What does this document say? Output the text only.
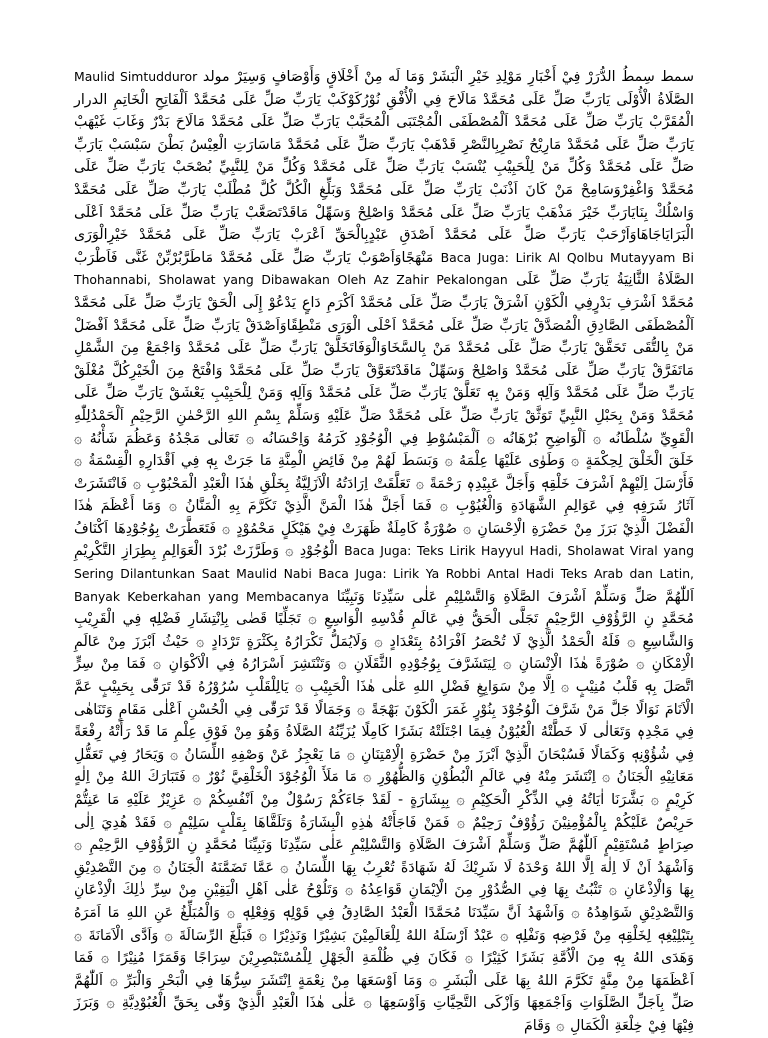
Maulid Simtudduror سِمطُ الدُّرَرْ فِيْ أَخْبَارِ مَوْلِدِ خَيْرِ الْبَشَرْ وَمَا لَه مِنْ أَخْلَاقٍ وَأَوْصَافٍ وَسِيَرْ مولد سمط الدرار الصَّلَاةُ الْأُوْلَى يَارَبِّ صَلِّ عَلَى مُحَمَّدْ مَالَاحَ فِي الْأُفْقِ نُوْرُكَوْكَبْ يَارَبِّ صَلِّ عَلَى مُحَمَّدْ اَلْفَاتِحِ الْخَاتِمِ الْمُقَرَّبْ يَارَبِّ صَلِّ عَلَى مُحَمَّدْ اَلْمُصْطَفَى الْمُجْتَبَى الْمُحَبَّبْ يَارَبِّ صَلِّ عَلَى مُحَمَّدْ مَالَاحَ بَدْرٌ وَغَابَ غَيْهَبْ يَارَبِّ صَلِّ عَلَى مُحَمَّدْ مَارِيْحُ نَصْرِبِالنَّصْرِ قَدْهَبْ يَارَبِّ صَلِّ عَلَى مُحَمَّدْ مَاسَارَتِ الْعِيْسُ بَطْنَ سَبْسَبْ يَارَبِّ صَلِّ عَلَى مُحَمَّدْ وَكُلِّ مَنْ لِلْحَبِيْبِ يُنْسَبْ يَارَبِّ صَلِّ عَلَى مُحَمَّدْ وَكُلِّ مَنْ لِلنَّبِيِّ بُصْحَبْ يَارَبِّ صَلِّ عَلَى مُحَمَّدْ وَاغْفِرْوَسَامِحْ مَنْ كَانَ اَذْنَبْ يَارَبِّ صَلِّ عَلَى مُحَمَّدْ وَبَلِّغِ الْكُلَّ كُلَّ مُطْلَبْ يَارَبِّ صَلِّ عَلَى مُحَمَّدْ وَاسْلُكْ بِنَايَارَبِّ خَيْرَ مَذْهَبْ يَارَبِّ صَلِّ عَلَى مُحَمَّدْ وَاصْلِحْ وَسَهِّلْ مَاقَدْتَصَعَّبْ يَارَبِّ صَلِّ عَلَى مُحَمَّدْ اَعْلَى الْبَرَايَاجَاهَاوَاَرْحَبْ يَارَبِّ صَلِّ عَلَى مُحَمَّدْ اَصْدَقِ عَبْدٍبِالْحَقِّ اَعْرَبْ يَارَبِّ صَلِّ عَلَى مُحَمَّدْ خَيْرِالْوَرَى مَنْهَجًاوَاَصْوَبْ يَارَبِّ صَلِّ عَلَى مُحَمَّدْ مَاطَرَّبُرْبِّنْ غَنَّى فَاَطْرَبْ Baca Juga: Lirik Al Qolbu Mutayyam Bi Thohannabi, Sholawat yang Dibawakan Oleh Az Zahir Pekalongan الصَّلَاةُ الثَّانِيَةُ يَارَبِّ صَلِّ عَلَى مُحَمَّدْ اَشْرَفِ بَدْرٍفِي الْكَوْنِ اَشْرَقْ يَارَبِّ صَلِّ عَلَى مُحَمَّدْ اَكْرَمِ دَاعٍ يَدْعُوْ إِلَى الْحَقْ يَارَبِّ صَلِّ عَلَى مُحَمَّدْ اَلْمُصْطَفَى الصَّادِقِ الْمُصَدَّقْ يَارَبِّ صَلِّ عَلَى مُحَمَّدْ اَحْلَى الْوَرَى مَنْطِقًاوَاَصْدَقْ يَارَبِّ صَلِّ عَلَى مُحَمَّدْ اَفْضَلْ مَنْ بِالتُّقَى تَحَقَّقْ يَارَبِّ صَلِّ عَلَى مُحَمَّدْ مَنْ بِالسَّخَاوَالْوَفَاتَخَلَّقْ يَارَبِّ صَلِّ عَلَى مُحَمَّدْ وَاجْمَعْ مِنَ الشَّمْلِ مَاتَفَرَّقْ يَارَبِّ صَلِّ عَلَى مُحَمَّدْ وَاصْلِحْ وَسَهِّلْ مَاقَدْتَعَوَّقْ يَارَبِّ صَلِّ عَلَى مُحَمَّدْ وَافْتَحْ مِنَ الْخَيْرِكُلَّ مُغْلَقْ يَارَبِّ صَلِّ عَلَى مُحَمَّدْ وَآلِهٖ وَمَنْ بِهٖ تَعَلَّقْ يَارَبِّ صَلِّ عَلَى مُحَمَّدْ وَآلِهٖ وَمَنْ لِلْحَبِيْبِ يَعْشَقْ يَارَبِّ صَلِّ عَلَى مُحَمَّدْ وَمَنْ بِحَبْلِ النَّبِيِّ تَوَثَّقْ يَارَبِّ صَلِّ عَلَى مُحَمَّدْ صَلِّ عَلَيْهِ وَسَلِّمْ بِسْمِ اللهِ الرَّحْمٰنِ الرَّحِيْمِ اَلْحَمْدُلِلّٰهِ الْقَوِيِّ سُلْطَانُه ۞ اَلْوَاضِحِ بُرْهَانُه ۞ اَلْمَبْسُوْطِ فِي الْوُجُوْدِ كَرَمُهُ وَاِحْسَانُه ۞ تَعَالٰى مَجْدُهُ وَعَظُمَ شَأْنُهُ ۞ خَلَقَ الْخَلْقَ لِحِكْمَةٍ ۞ وَطَوٰى عَلَيْهَا عِلْمَهُ ۞ وَبَسَطَ لَهُمْ مِنْ فَائِضِ الْمِنَّةِ مَا جَرَتْ بِهٖ فِي اَقْدَارِهِ الْقِسْمَةُ ۞ فَأَرْسَلَ اِلَيْهِمْ اَشْرَفَ خَلْقِهٖ وَأَجَلَّ عَبِيْدِهٖ رَحْمَةً ۞ تَعَلَّقَتْ اِرَادَتُهُ الْاَزَلِيَّةُ بِخَلْقِ هٰذَا الْعَبْدِ الْمَحْبُوْبِ ۞ فَانْتَشَرَتْ آثَارُ شَرَفِهٖ فِي عَوَالِمِ الشَّهَادَةِ وَالْغُيُوْبِ ۞ فَمَا أَجَلَّ هٰذَا الْمَنَّ الَّذِيْ تَكَرَّمَ بِهِ الْمَنَّانُ ۞ وَمَا أَعْظَمَ هٰذَا الْفَضْلَ الَّذِيْ بَرَزَ مِنْ حَضْرَةِ الْاِحْسَانِ ۞ صُوْرَةٌ كَامِلَةٌ ظَهَرَتْ فِيْ هَيْكَلٍ مَحْمُوْدٍ ۞ فَتَعَطَّرَتْ بِوُجُوْدِهَا اَكْنَافُ الْوُجُوْدِ ۞ وَطَرَّزَتْ بُرْدَ الْعَوَالِمِ بِطِرَازِ التَّكْرِيْمِ Baca Juga: Teks Lirik Hayyul Hadi, Sholawat Viral yang Sering Dilantunkan Saat Maulid Nabi Baca Juga: Lirik Ya Robbi Antal Hadi Teks Arab dan Latin, Banyak Keberkahan yang Membacanya اَللّٰهُمَّ صَلِّ وَسَلِّمْ اَشْرَفَ الصَّلَاةِ وَالتَّسْلِيْمِ عَلٰى سَيِّدِنَا وَنَبِيِّنَا مُحَمَّدٍ نِ الرَّؤُوْفِ الرَّحِيْمِ تَجَلَّى الْحَقُّ فِي عَالَمِ قُدْسِهِ الْوَاسِعِ ۞ تَجَلِّيًا قَضٰى بِاِنْتِشَارِ فَضْلِهٖ فِي الْقَرِيْبِ وَالشَّاسِعِ ۞ فَلَهُ الْحَمْدُ الَّذِيْ لَا تُحْصَرُ اَفْرَادُهُ بِتَعْدَادٍ ۞ وَلَايُمَلُّ تَكْرَارُهُ بِكَثْرَةٍ تَرْدَادٍ ۞ حَيْثُ اَبْرَزَ مِنْ عَالَمِ الْاِمْكَانِ ۞ صُوْرَةً هٰذَا الْاِنْسَانِ ۞ لِيَتَشَرَّفَ بِوُجُوْدِهِ الثَّقَلَانِ ۞ وَتَنْتَشِرَ اَسْرَارُهُ فِي الْاَكْوَانِ ۞ فَمَا مِنْ سِرٍّ اتَّصَلَ بِهٖ قَلْبُ مُنِيْبٍ ۞ اِلَّا مِنْ سَوَابِغِ فَضْلِ اللهِ عَلٰى هٰذَا الْحَبِيْبِ ۞ يَالِلْقَلْبِ سُرُوْرُهُ قَدْ تَرَقّٰى بِحَبِيْبٍ عَمَّ الْاَنَامَ نَوَالًا جَلَّ مَنْ شَرَّفَ الْوُجُوْدَ بِنُوْرٍ غَمَرَ الْكَوْنَ بَهْجَةً ۞ وَجَمَالًا قَدْ تَرَقّٰى فِي الْحُسْنِ اَعْلٰى مَقَامٍ وَتَنَاهٰى فِي مَجْدِهٖ وَتَعَالٰى لَا خَطَّتْهُ الْعُيُوْنُ فِيمَا اجْتَلَتْهُ بَشَرًا كَامِلًا يُزَيِّنُهُ الصَّلَاةُ وَهُوَ مِنْ فَوْقِ عِلْمِ مَا قَدْ رَأَتْهُ رِفْعَةً فِي شُؤُوْنِهٖ وَكَمَالًا فَسُبْحَانَ الَّذِيْ اَبْرَزَ مِنْ حَضْرَةِ الْاِمْتِنَانِ ۞ مَا يَعْجِزُ عَنْ وَصْفِهِ اللِّسَانُ ۞ وَيَحَارُ فِي تَعَقُّلِ مَعَانِيْهِ الْجَنَانُ ۞ اِنْتَشَرَ مِنْهُ فِي عَالَمِ الْبُطُوْنِ وَالظُّهُوْرِ ۞ مَا مَلَأَ الْوُجُوْدَ الْخَلْقِيَّ نُوْرٌ ۞ فَتَبَارَكَ اللهُ مِنْ اِلٰهٍ كَرِيْمٍ ۞ بَشَّرَنَا اٰيَاتُهُ فِي الذِّكْرِ الْحَكِيْمِ ۞ بِبِشَارَةٍ - لَقَدْ جَاءَكُمْ رَسُوْلٌ مِنْ اَنْفُسِكُمْ ۞ عَزِيْزٌ عَلَيْهِ مَا عَنِتُّمْ حَرِيْصٌ عَلَيْكُمْ بِالْمُؤْمِنِيْنَ رَؤُوْفٌ رَحِيْمٌ ۞ فَمَنْ فَاجَأَتْهُ هٰذِهِ الْبِشَارَةُ وَتَلَقَّاهَا بِقَلْبٍ سَلِيْمٍ ۞ فَقَدْ هُدِيَ اِلٰى صِرَاطٍ مُسْتَقِيْمٍ اَللّٰهُمَّ صَلِّ وَسَلِّمْ اَشْرَفَ الصَّلَاةِ وَالتَّسْلِيْمِ عَلٰى سَيِّدِنَا وَنَبِيِّنَا مُحَمَّدٍ نِ الرَّؤُوْفِ الرَّحِيْمِ ۞ وَاَشْهَدُ اَنْ لَا اِلٰهَ اِلَّا اللهُ وَحْدَهُ لَا شَرِيْكَ لَهُ شَهَادَةً تُعْرِبُ بِهَا اللِّسَانُ ۞ عَمَّا تَضَمَّنَهُ الْجَنَانُ ۞ مِنَ التَّصْدِيْقِ بِهَا وَالْاِذْعَانِ ۞ تَثْبُتُ بِهَا فِي الصُّدُوْرِ مِنَ الْاِيْمَانِ قَوَاعِدُهُ ۞ وَتَلُوْحُ عَلٰى اَهْلِ الْيَقِيْنِ مِنْ سِرِّ ذٰلِكَ الْاِذْعَانِ وَالتَّصْدِيْقِ شَوَاهِدُهُ ۞ وَاَشْهَدُ اَنَّ سَيِّدَنَا مُحَمَّدًا الْعَبْدُ الصَّادِقُ فِي قَوْلِهٖ وَفِعْلِهٖ ۞ وَالْمُبَلِّغُ عَنِ اللهِ مَا اَمَرَهُ بِتَبْلِيْغِهٖ لِخَلْقِهٖ مِنْ فَرْضِهٖ وَنَفْلِهٖ ۞ عَبْدٌ اَرْسَلَهُ اللهُ لِلْعَالَمِيْنَ بَشِيْرًا وَنَذِيْرًا ۞ فَبَلَّغَ الرِّسَالَةَ ۞ وَاَدَّى الْاَمَانَةَ ۞ وَهَدَى اللهُ بِهٖ مِنَ الْاُمَّةِ بَشَرًا كَثِيْرًا ۞ فَكَانَ فِي ظُلْمَةِ الْجَهْلِ لِلْمُسْتَبْصِرِيْنَ سِرَاجًا وَقَمَرًا مُنِيْرًا ۞ فَمَا اَعْظَمَهَا مِنْ مِنَّةٍ تَكَرَّمَ اللهُ بِهَا عَلَى الْبَشَرِ ۞ وَمَا اَوْسَعَهَا مِنْ نِعْمَةٍ اِنْتَشَرَ سِرُّهَا فِي الْبَحْرِ وَالْبَرِّ ۞ اَللّٰهُمَّ صَلِّ بِاَجَلِّ الصَّلَوَاتِ وَاَجْمَعِهَا وَاَزْكَى التَّحِيَّاتِ وَاَوْسَعِهَا ۞ عَلٰى هٰذَا الْعَبْدِ الَّذِيْ وَفّٰى بِحَقِّ الْعُبُوْدِيَّةِ ۞ وَبَرَزَ فِيْهَا فِيْ خِلْعَةِ الْكَمَالِ ۞ وَقَامَ
